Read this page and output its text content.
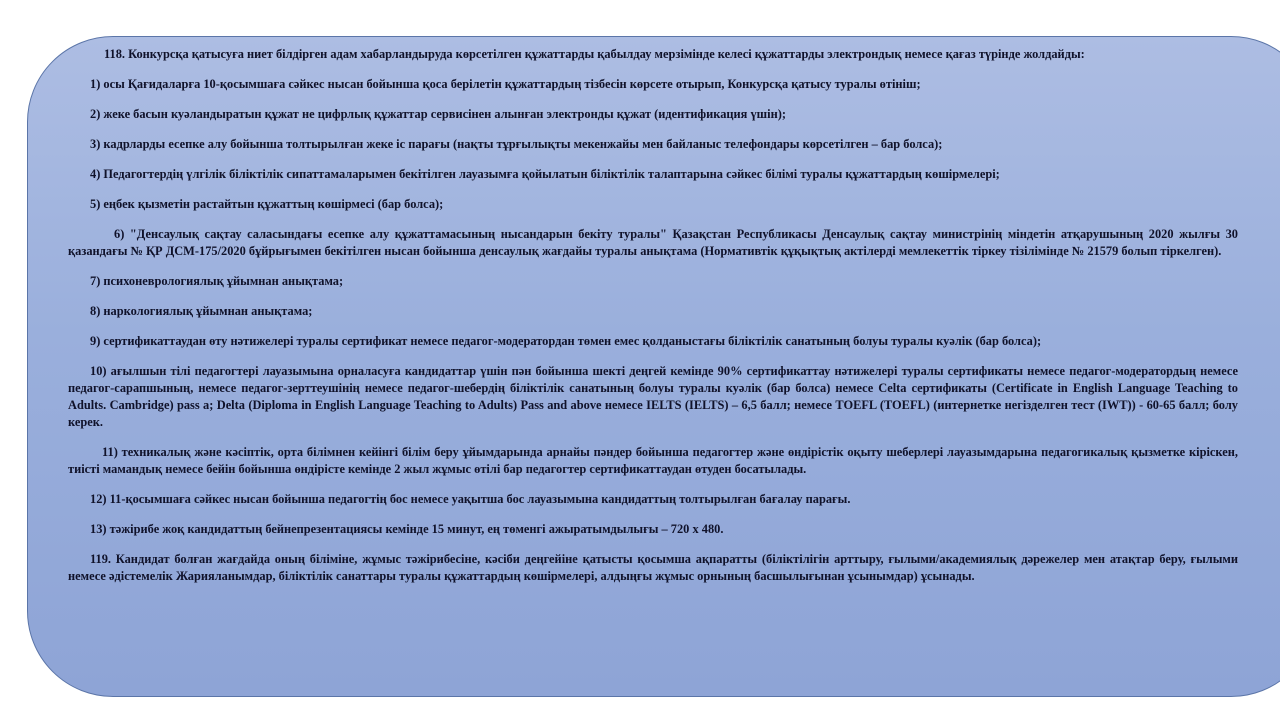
118. Конкурсқа қатысуға ниет білдірген адам хабарландыруда көрсетілген құжаттарды қабылдау мерзімінде келесі құжаттарды электрондық немесе қағаз түрінде жолдайды:

1) осы Қағидаларға 10-қосымшаға сәйкес нысан бойынша қоса берілетін құжаттардың тізбесін көрсете отырып, Конкурсқа қатысу туралы өтініш;

2) жеке басын куәландыратын құжат не цифрлық құжаттар сервисінен алынған электронды құжат (идентификация үшін);

3) кадрларды есепке алу бойынша толтырылған жеке іс парағы (нақты тұрғылықты мекенжайы мен байланыс телефондары көрсетілген – бар болса);

4) Педагогтердің үлгілік біліктілік сипаттамаларымен бекітілген лауазымға қойылатын біліктілік талаптарына сәйкес білімі туралы құжаттардың көшірмелері;

5) еңбек қызметін растайтын құжаттың көшірмесі (бар болса);

6) "Денсаулық сақтау саласындағы есепке алу құжаттамасының нысандарын бекіту туралы" Қазақстан Республикасы Денсаулық сақтау министрінің міндетін атқарушының 2020 жылғы 30 қазандағы № ҚР ДСМ-175/2020 бұйрығымен бекітілген нысан бойынша денсаулық жағдайы туралы анықтама (Нормативтік құқықтық актілерді мемлекеттік тіркеу тізілімінде № 21579 болып тіркелген).

7) психоневрологиялық ұйымнан анықтама;

8) наркологиялық ұйымнан анықтама;

9) сертификаттаудан өту нәтижелері туралы сертификат немесе педагог-модератордан төмен емес қолданыстағы біліктілік санатының болуы туралы куәлік (бар болса);

10) ағылшын тілі педагогтері лауазымына орналасуға кандидаттар үшін пән бойынша шекті деңгей кемінде 90% сертификаттау нәтижелері туралы сертификаты немесе педагог-модератордың немесе педагог-сарапшының, немесе педагог-зерттеушінің немесе педагог-шебердің біліктілік санатының болуы туралы куәлік (бар болса) немесе Celta сертификаты (Certificate in English Language Teaching to Adults. Cambridge) pass a; Delta (Diploma in English Language Teaching to Adults) Pass and above немесе IELTS (IELTS) – 6,5 балл; немесе TOEFL (TOEFL) (интернетке негізделген тест (IWT)) - 60-65 балл; болу керек.

11) техникалық және кәсіптік, орта білімнен кейінгі білім беру ұйымдарында арнайы пәндер бойынша педагогтер және өндірістік оқыту шеберлері лауазымдарына педагогикалық қызметке кіріскен, тиісті мамандық немесе бейін бойынша өндірісте кемінде 2 жыл жұмыс өтілі бар педагогтер сертификаттаудан өтуден босатылады.

12) 11-қосымшаға сәйкес нысан бойынша педагогтің бос немесе уақытша бос лауазымына кандидаттың толтырылған бағалау парағы.

13) тәжірибе жоқ кандидаттың бейнепрезентациясы кемінде 15 минут, ең төменгі ажыратымдылығы – 720 x 480.

119. Кандидат болған жағдайда оның біліміне, жұмыс тәжірибесіне, кәсіби деңгейіне қатысты қосымша ақпаратты (біліктілігін арттыру, ғылыми/академиялық дәрежелер мен атақтар беру, ғылыми немесе әдістемелік Жарияланымдар, біліктілік санаттары туралы құжаттардың көшірмелері, алдыңғы жұмыс орнының басшылығынан ұсынымдар) ұсынады.
